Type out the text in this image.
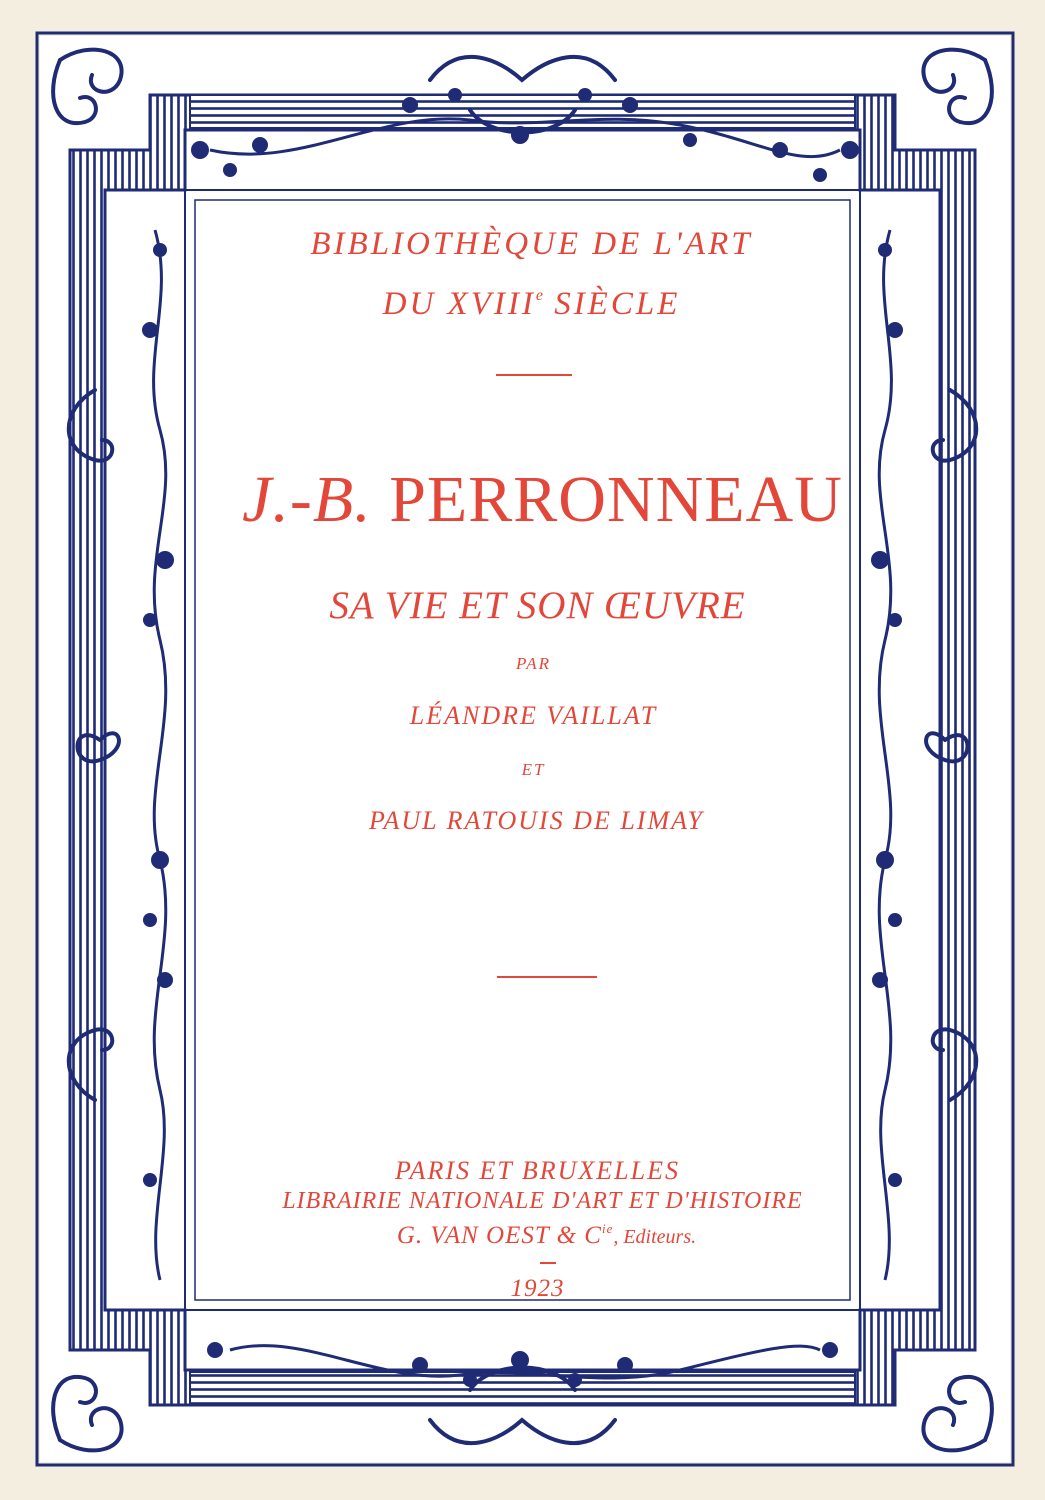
BIBLIOTHÈQUE DE L'ART
DU XVIIIe SIÈCLE
J.-B. PERRONNEAU
SA VIE ET SON ŒUVRE
PAR
LÉANDRE VAILLAT
ET
PAUL RATOUIS DE LIMAY
PARIS ET BRUXELLES
LIBRAIRIE NATIONALE D'ART ET D'HISTOIRE
G. VAN OEST & $C^{ie}$, Editeurs.
1923
